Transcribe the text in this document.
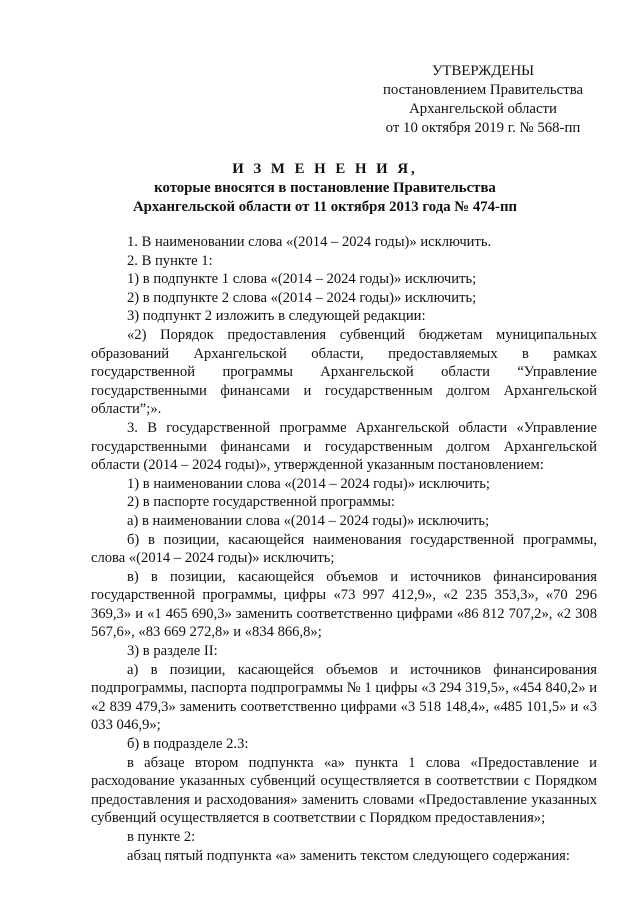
УТВЕРЖДЕНЫ
постановлением Правительства
Архангельской области
от 10 октября 2019 г. № 568-пп
И З М Е Н Е Н И Я,
которые вносятся в постановление Правительства
Архангельской области от 11 октября 2013 года № 474-пп

1. В наименовании слова «(2014 – 2024 годы)» исключить.

2. В пункте 1:

1) в подпункте 1 слова «(2014 – 2024 годы)» исключить;

2) в подпункте 2 слова «(2014 – 2024 годы)» исключить;

3) подпункт 2 изложить в следующей редакции:

«2) Порядок предоставления субвенций бюджетам муниципальных образований Архангельской области, предоставляемых в рамках государственной программы Архангельской области “Управление государственными финансами и государственным долгом Архангельской области”;».

3. В государственной программе Архангельской области «Управление государственными финансами и государственным долгом Архангельской области (2014 – 2024 годы)», утвержденной указанным постановлением:

1) в наименовании слова «(2014 – 2024 годы)» исключить;

2) в паспорте государственной программы:

а) в наименовании слова «(2014 – 2024 годы)» исключить;

б) в позиции, касающейся наименования государственной программы, слова «(2014 – 2024 годы)» исключить;

в) в позиции, касающейся объемов и источников финансирования государственной программы, цифры «73 997 412,9», «2 235 353,3», «70 296 369,3» и «1 465 690,3» заменить соответственно цифрами «86 812 707,2», «2 308 567,6», «83 669 272,8» и «834 866,8»;

3) в разделе II:

а) в позиции, касающейся объемов и источников финансирования подпрограммы, паспорта подпрограммы № 1 цифры «3 294 319,5», «454 840,2» и «2 839 479,3» заменить соответственно цифрами «3 518 148,4», «485 101,5» и «3 033 046,9»;

б) в подразделе 2.3:

в абзаце втором подпункта «а» пункта 1 слова «Предоставление и расходование указанных субвенций осуществляется в соответствии с Порядком предоставления и расходования» заменить словами «Предоставление указанных субвенций осуществляется в соответствии с Порядком предоставления»;

в пункте 2:

абзац пятый подпункта «а» заменить текстом следующего содержания:
